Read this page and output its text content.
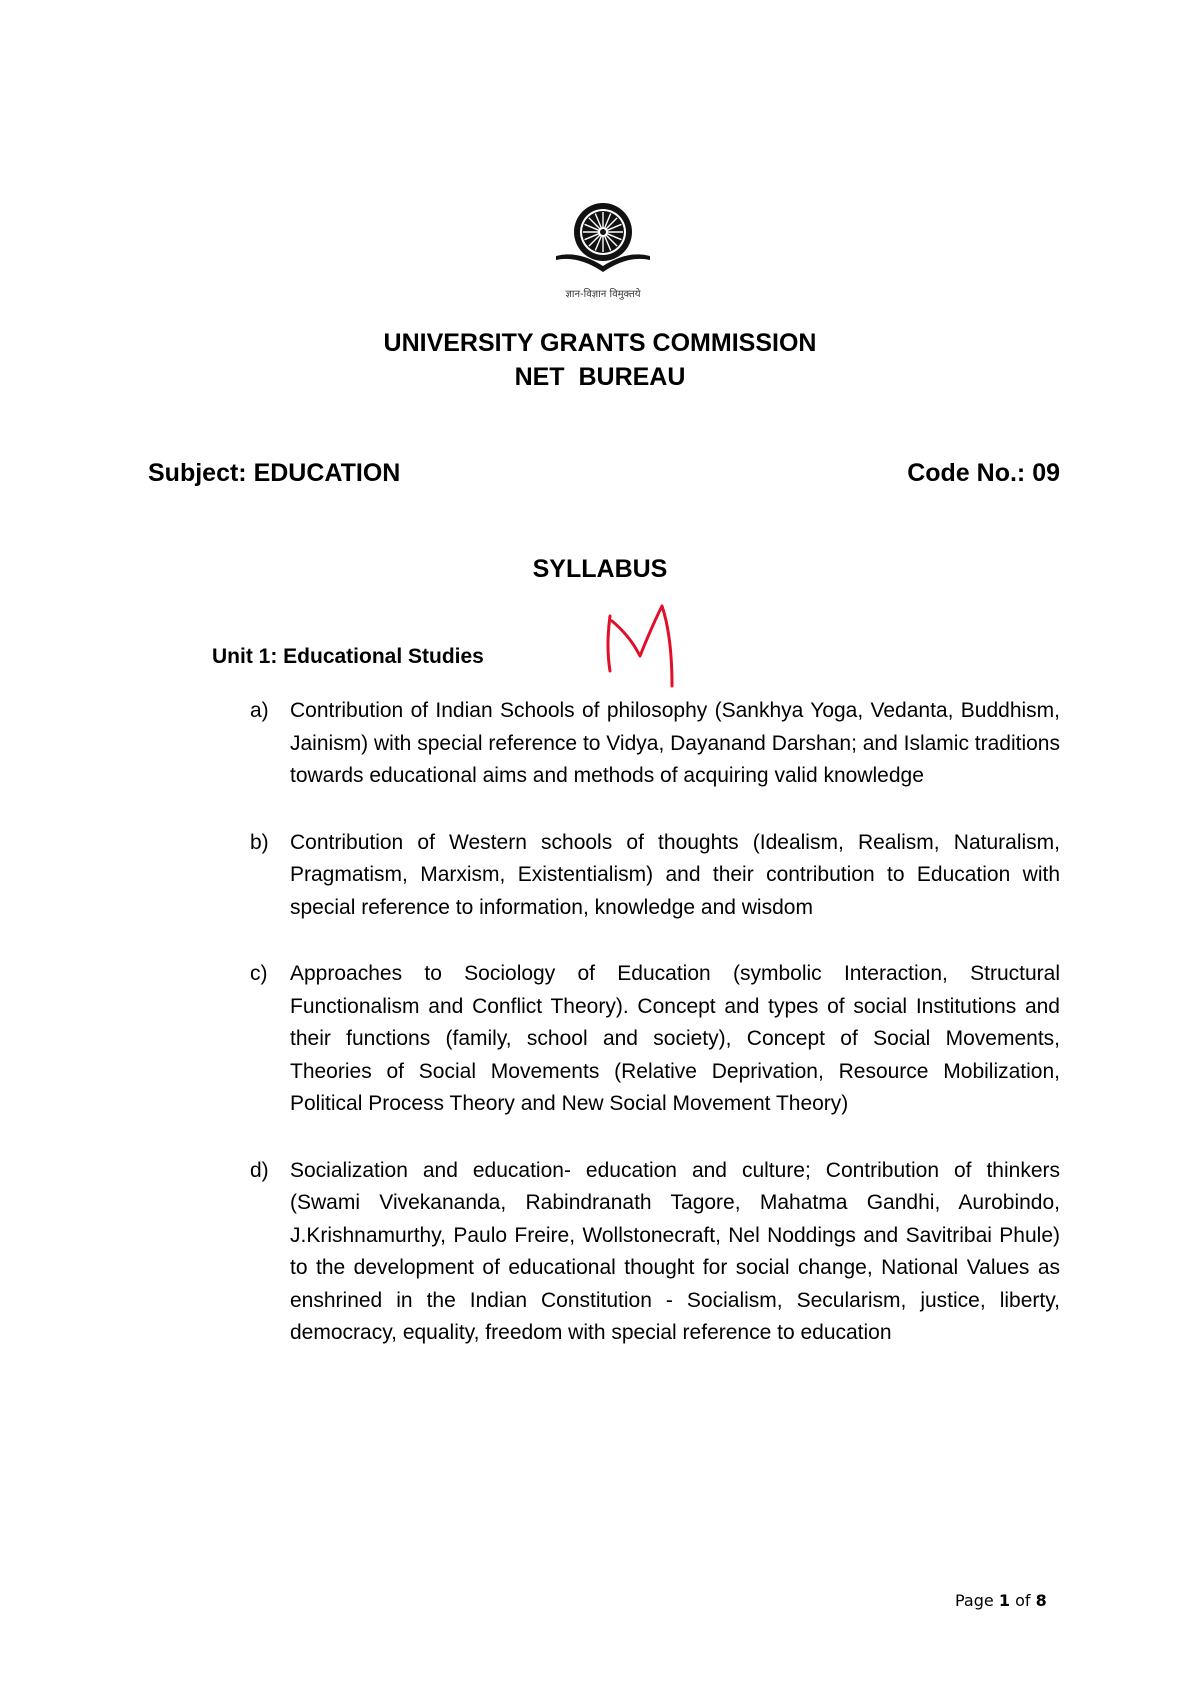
ज्ञान-विज्ञान विमुक्तये
UNIVERSITY GRANTS COMMISSION
NET  BUREAU
Subject: EDUCATION	Code No.: 09
SYLLABUS
Unit 1: Educational Studies
a)	Contribution of Indian Schools of philosophy (Sankhya Yoga, Vedanta, Buddhism, Jainism) with special reference to Vidya, Dayanand Darshan; and Islamic traditions towards educational aims and methods of acquiring valid knowledge
b)	Contribution of Western schools of thoughts (Idealism, Realism, Naturalism, Pragmatism, Marxism, Existentialism) and their contribution to Education with special reference to information, knowledge and wisdom
c)	Approaches to Sociology of Education (symbolic Interaction, Structural Functionalism and Conflict Theory). Concept and types of social Institutions and their functions (family, school and society), Concept of Social Movements, Theories of Social Movements (Relative Deprivation, Resource Mobilization, Political Process Theory and New Social Movement Theory)
d)	Socialization and education- education and culture; Contribution of thinkers (Swami Vivekananda, Rabindranath Tagore, Mahatma Gandhi, Aurobindo, J.Krishnamurthy, Paulo Freire, Wollstonecraft, Nel Noddings and Savitribai Phule) to the development of educational thought for social change, National Values as enshrined in the Indian Constitution - Socialism, Secularism, justice, liberty, democracy, equality, freedom with special reference to education
Page 1 of 8
